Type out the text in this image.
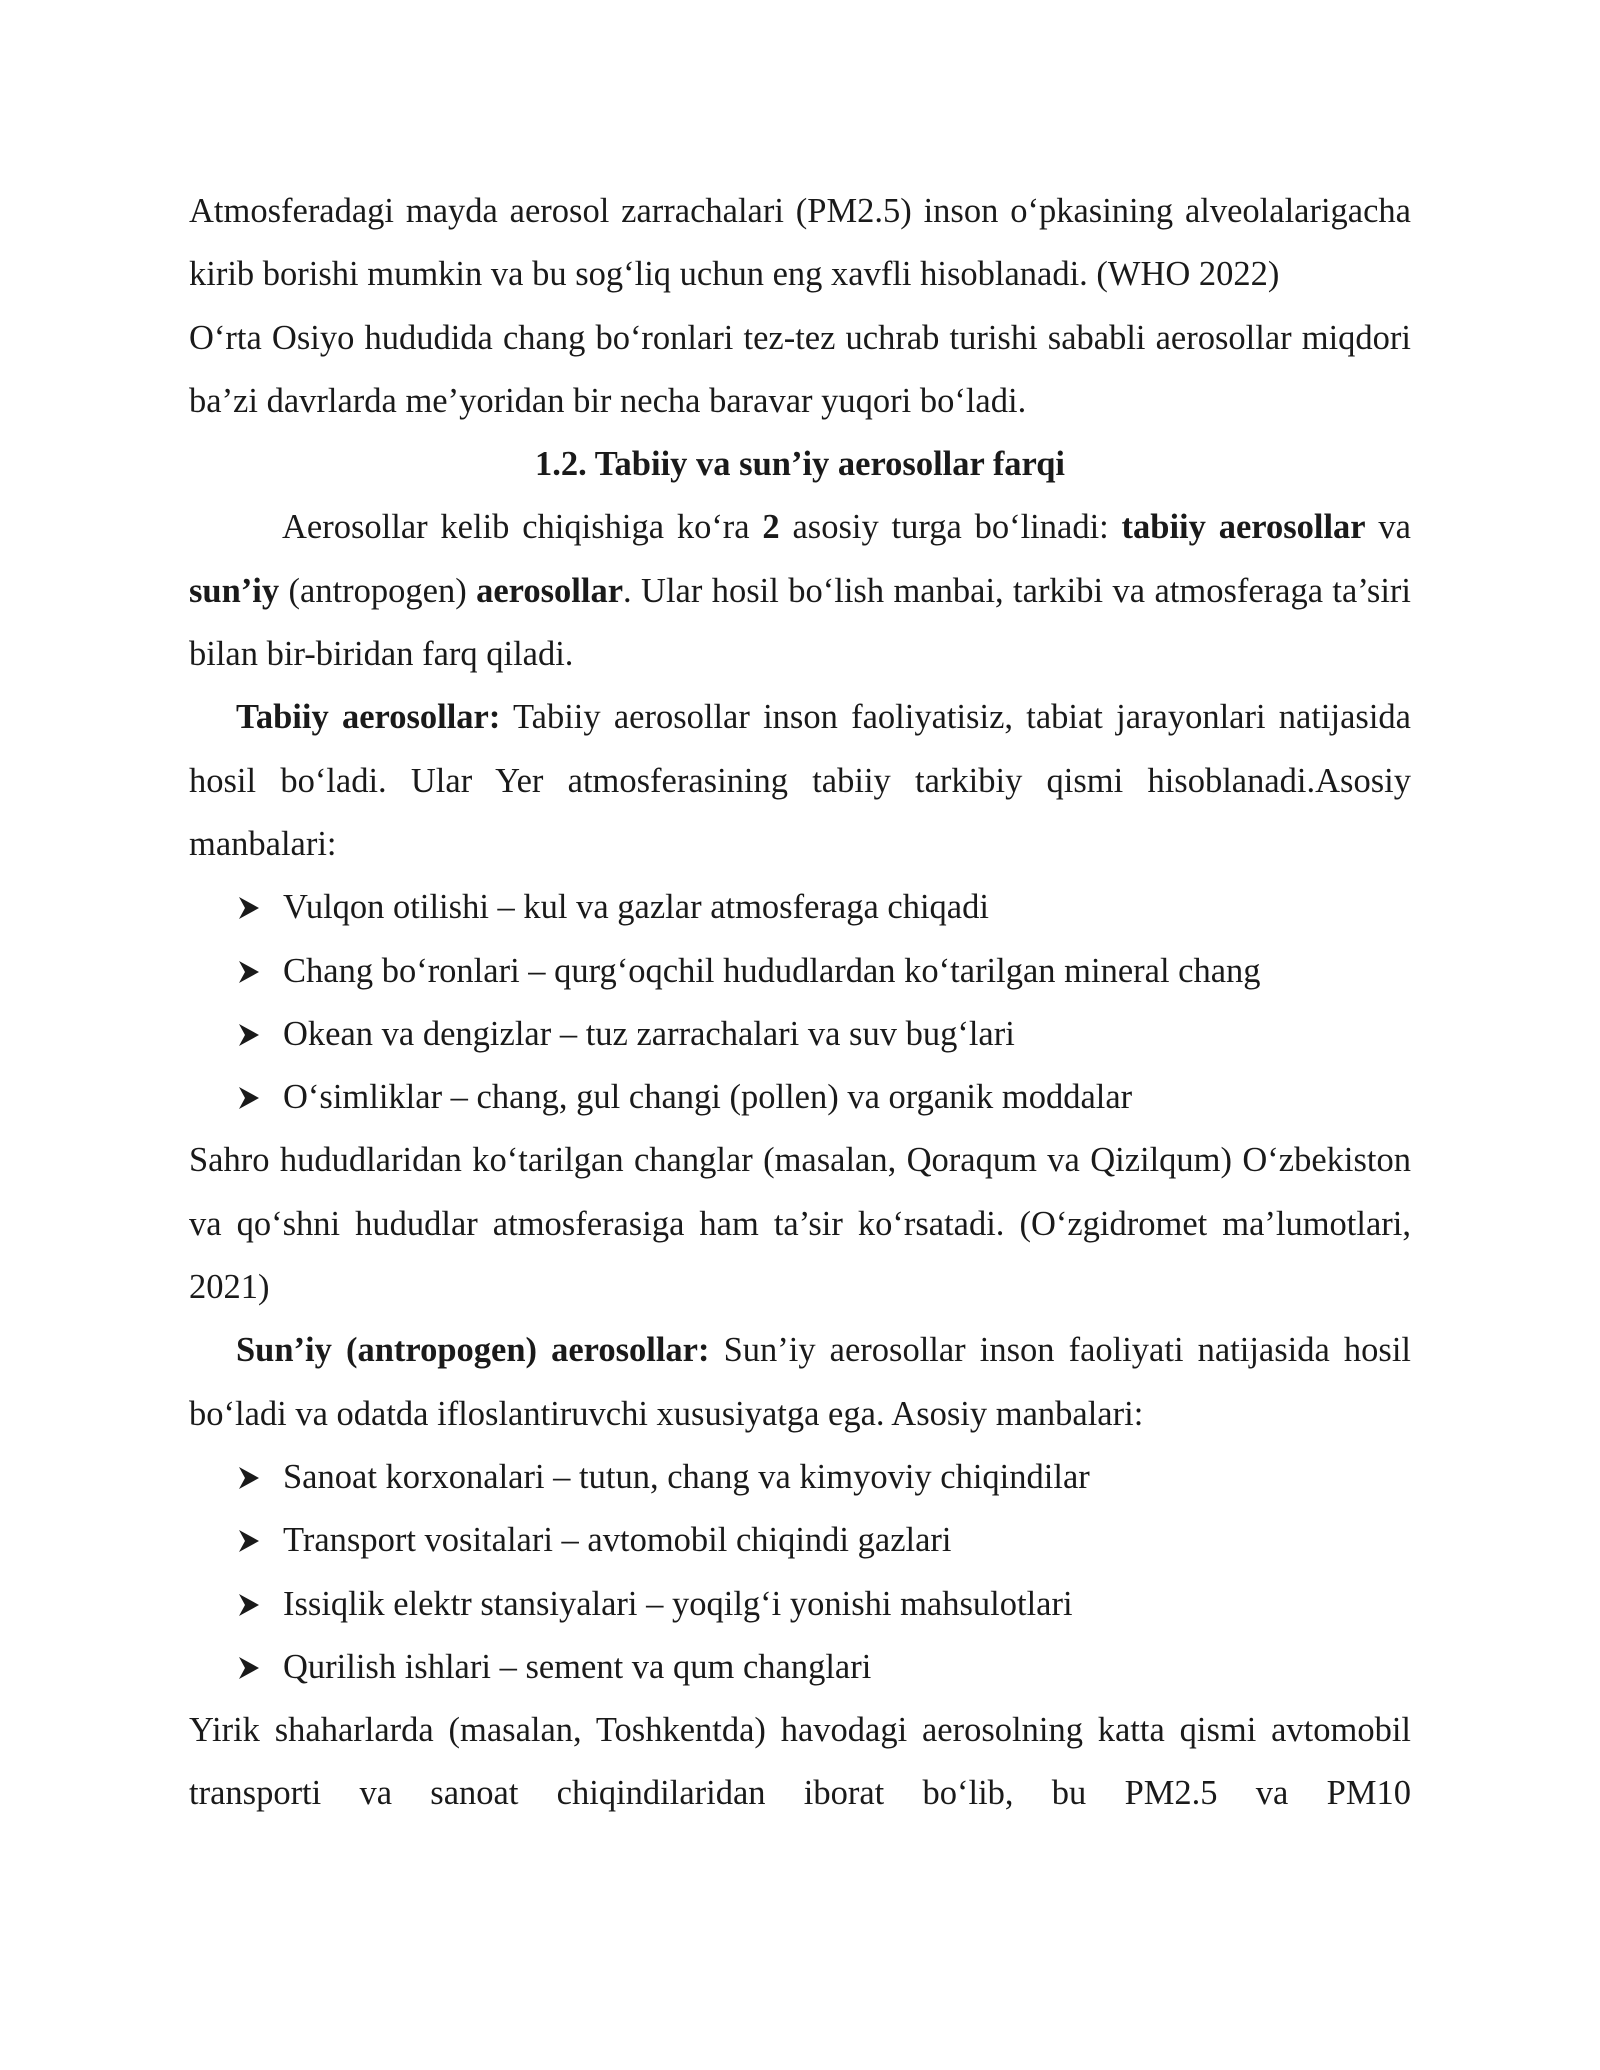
Atmosferadagi mayda aerosol zarrachalari (PM2.5) inson o‘pkasining alveolalarigacha kirib borishi mumkin va bu sog‘liq uchun eng xavfli hisoblanadi. (WHO 2022)

O‘rta Osiyo hududida chang bo‘ronlari tez-tez uchrab turishi sababli aerosollar miqdori ba’zi davrlarda me’yoridan bir necha baravar yuqori bo‘ladi.

1.2. Tabiiy va sun’iy aerosollar farqi

Aerosollar kelib chiqishiga ko‘ra 2 asosiy turga bo‘linadi: tabiiy aerosollar va sun’iy (antropogen) aerosollar. Ular hosil bo‘lish manbai, tarkibi va atmosferaga ta’siri bilan bir-biridan farq qiladi.

Tabiiy aerosollar: Tabiiy aerosollar inson faoliyatisiz, tabiat jarayonlari natijasida hosil bo‘ladi. Ular Yer atmosferasining tabiiy tarkibiy qismi hisoblanadi.Asosiy manbalari:

Vulqon otilishi – kul va gazlar atmosferaga chiqadi
Chang bo‘ronlari – qurg‘oqchil hududlardan ko‘tarilgan mineral chang
Okean va dengizlar – tuz zarrachalari va suv bug‘lari
O‘simliklar – chang, gul changi (pollen) va organik moddalar

Sahro hududlaridan ko‘tarilgan changlar (masalan, Qoraqum va Qizilqum) O‘zbekiston va qo‘shni hududlar atmosferasiga ham ta’sir ko‘rsatadi. (O‘zgidromet ma’lumotlari, 2021)

Sun’iy (antropogen) aerosollar: Sun’iy aerosollar inson faoliyati natijasida hosil bo‘ladi va odatda ifloslantiruvchi xususiyatga ega. Asosiy manbalari:

Sanoat korxonalari – tutun, chang va kimyoviy chiqindilar
Transport vositalari – avtomobil chiqindi gazlari
Issiqlik elektr stansiyalari – yoqilg‘i yonishi mahsulotlari
Qurilish ishlari – sement va qum changlari

Yirik shaharlarda (masalan, Toshkentda) havodagi aerosolning katta qismi avtomobil transporti va sanoat chiqindilaridan iborat bo‘lib, bu PM2.5 va PM10
